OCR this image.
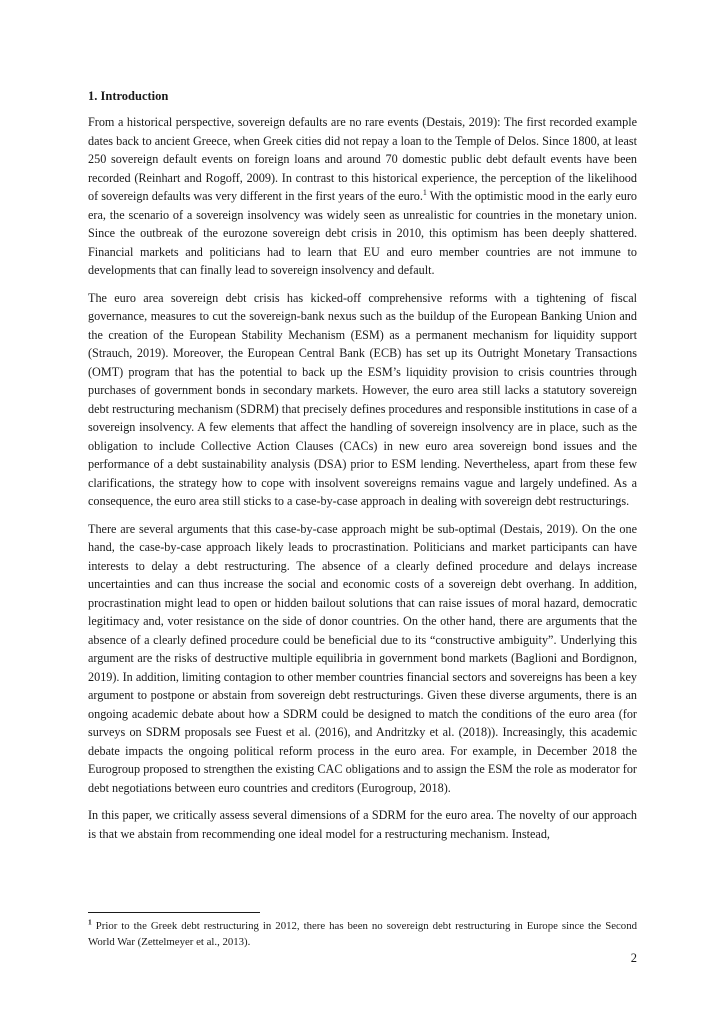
1. Introduction

From a historical perspective, sovereign defaults are no rare events (Destais, 2019): The first recorded example dates back to ancient Greece, when Greek cities did not repay a loan to the Temple of Delos. Since 1800, at least 250 sovereign default events on foreign loans and around 70 domestic public debt default events have been recorded (Reinhart and Rogoff, 2009). In contrast to this historical experience, the perception of the likelihood of sovereign defaults was very different in the first years of the euro.$^1$ With the optimistic mood in the early euro era, the scenario of a sovereign insolvency was widely seen as unrealistic for countries in the monetary union. Since the outbreak of the eurozone sovereign debt crisis in 2010, this optimism has been deeply shattered. Financial markets and politicians had to learn that EU and euro member countries are not immune to developments that can finally lead to sovereign insolvency and default.

The euro area sovereign debt crisis has kicked-off comprehensive reforms with a tightening of fiscal governance, measures to cut the sovereign-bank nexus such as the buildup of the European Banking Union and the creation of the European Stability Mechanism (ESM) as a permanent mechanism for liquidity support (Strauch, 2019). Moreover, the European Central Bank (ECB) has set up its Outright Monetary Transactions (OMT) program that has the potential to back up the ESM’s liquidity provision to crisis countries through purchases of government bonds in secondary markets. However, the euro area still lacks a statutory sovereign debt restructuring mechanism (SDRM) that precisely defines procedures and responsible institutions in case of a sovereign insolvency. A few elements that affect the handling of sovereign insolvency are in place, such as the obligation to include Collective Action Clauses (CACs) in new euro area sovereign bond issues and the performance of a debt sustainability analysis (DSA) prior to ESM lending. Nevertheless, apart from these few clarifications, the strategy how to cope with insolvent sovereigns remains vague and largely undefined. As a consequence, the euro area still sticks to a case-by-case approach in dealing with sovereign debt restructurings.

There are several arguments that this case-by-case approach might be sub-optimal (Destais, 2019). On the one hand, the case-by-case approach likely leads to procrastination. Politicians and market participants can have interests to delay a debt restructuring. The absence of a clearly defined procedure and delays increase uncertainties and can thus increase the social and economic costs of a sovereign debt overhang. In addition, procrastination might lead to open or hidden bailout solutions that can raise issues of moral hazard, democratic legitimacy and, voter resistance on the side of donor countries. On the other hand, there are arguments that the absence of a clearly defined procedure could be beneficial due to its “constructive ambiguity”. Underlying this argument are the risks of destructive multiple equilibria in government bond markets (Baglioni and Bordignon, 2019). In addition, limiting contagion to other member countries financial sectors and sovereigns has been a key argument to postpone or abstain from sovereign debt restructurings. Given these diverse arguments, there is an ongoing academic debate about how a SDRM could be designed to match the conditions of the euro area (for surveys on SDRM proposals see Fuest et al. (2016), and Andritzky et al. (2018)). Increasingly, this academic debate impacts the ongoing political reform process in the euro area. For example, in December 2018 the Eurogroup proposed to strengthen the existing CAC obligations and to assign the ESM the role as moderator for debt negotiations between euro countries and creditors (Eurogroup, 2018).

In this paper, we critically assess several dimensions of a SDRM for the euro area. The novelty of our approach is that we abstain from recommending one ideal model for a restructuring mechanism. Instead,

$^1$ Prior to the Greek debt restructuring in 2012, there has been no sovereign debt restructuring in Europe since the Second World War (Zettelmeyer et al., 2013).
2
